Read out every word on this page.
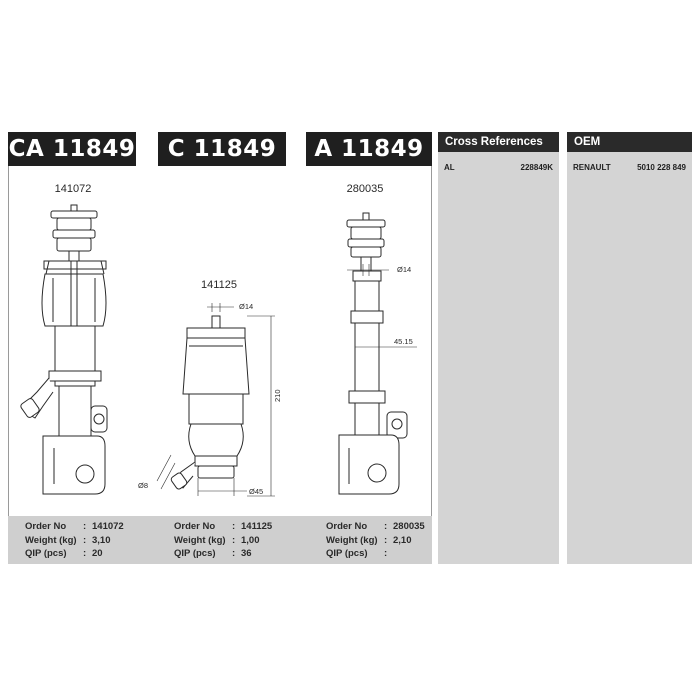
CA 11849	C 11849	A 11849
141072
141125
280035
Ø14
210
Ø8
Ø45
Ø14
45.15
Order No	: 141072
Weight (kg) : 3,10
QIP (pcs)	: 20
Order No	: 141125
Weight (kg) : 1,00
QIP (pcs)	: 36
Order No	: 280035
Weight (kg) : 2,10
QIP (pcs)	:
Cross References
AL	228849K
OEM
RENAULT	5010 228 849
